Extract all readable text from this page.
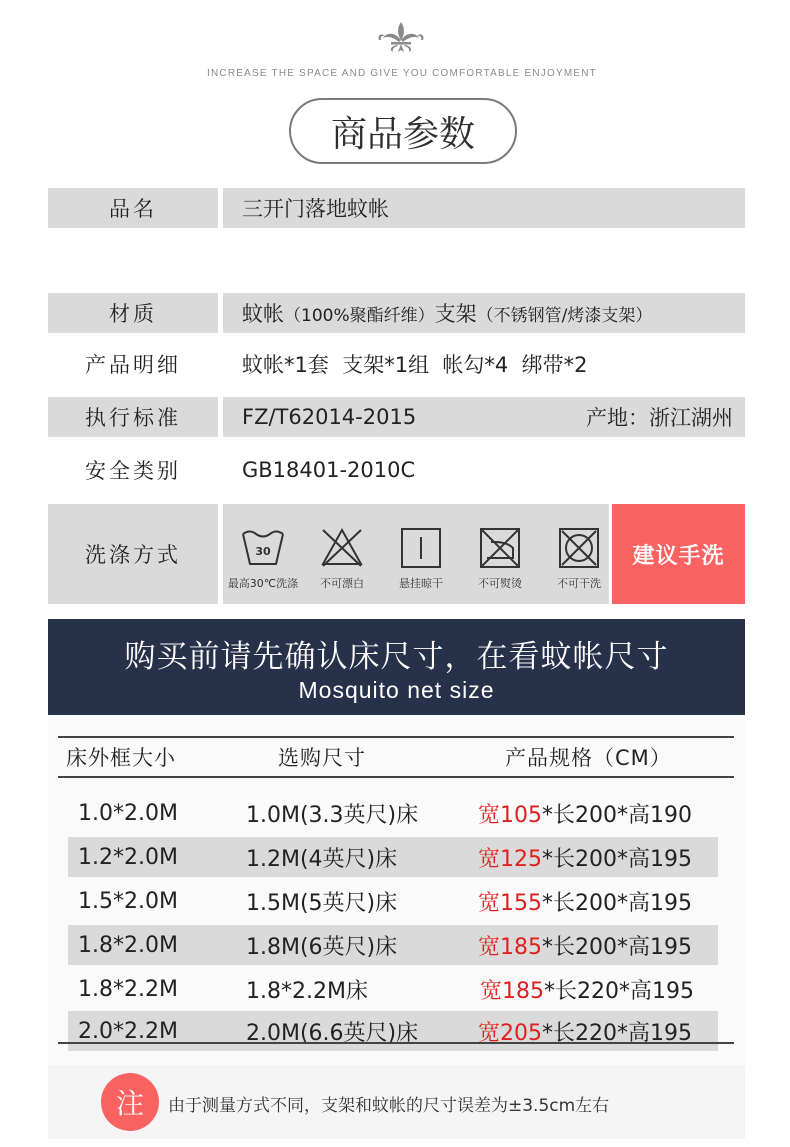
INCREASE THE SPACE AND GIVE YOU COMFORTABLE ENJOYMENT
商品参数
品名	三开门落地蚊帐
材质	蚊帐 （100%聚酯纤维） 支架 （不锈钢管/烤漆支架）
产品明细	蚊帐*1套  支架*1组  帐勾*4  绑带*2
执行标准	FZ/T62014-2015	产地：浙江湖州
安全类别	GB18401-2010C
洗涤方式	30
最高30℃洗涤	不可漂白	悬挂晾干	不可熨烫	不可干洗
建议手洗
购买前请先确认床尺寸，在看蚊帐尺寸
Mosquito net size
床外框大小	选购尺寸	产品规格（CM）
1.0*2.0M	1.0M(3.3英尺)床	宽105 *长200*高190
1.2*2.0M	1.2M(4英尺)床	宽125 *长200*高195
1.5*2.0M	1.5M(5英尺)床	宽155 *长200*高195
1.8*2.0M	1.8M(6英尺)床	宽185 *长200*高195
1.8*2.2M	1.8*2.2M床	宽185 *长220*高195
2.0*2.2M	2.0M(6.6英尺)床	宽205 *长220*高195
注	由于测量方式不同，支架和蚊帐的尺寸误差为±3.5cm左右
